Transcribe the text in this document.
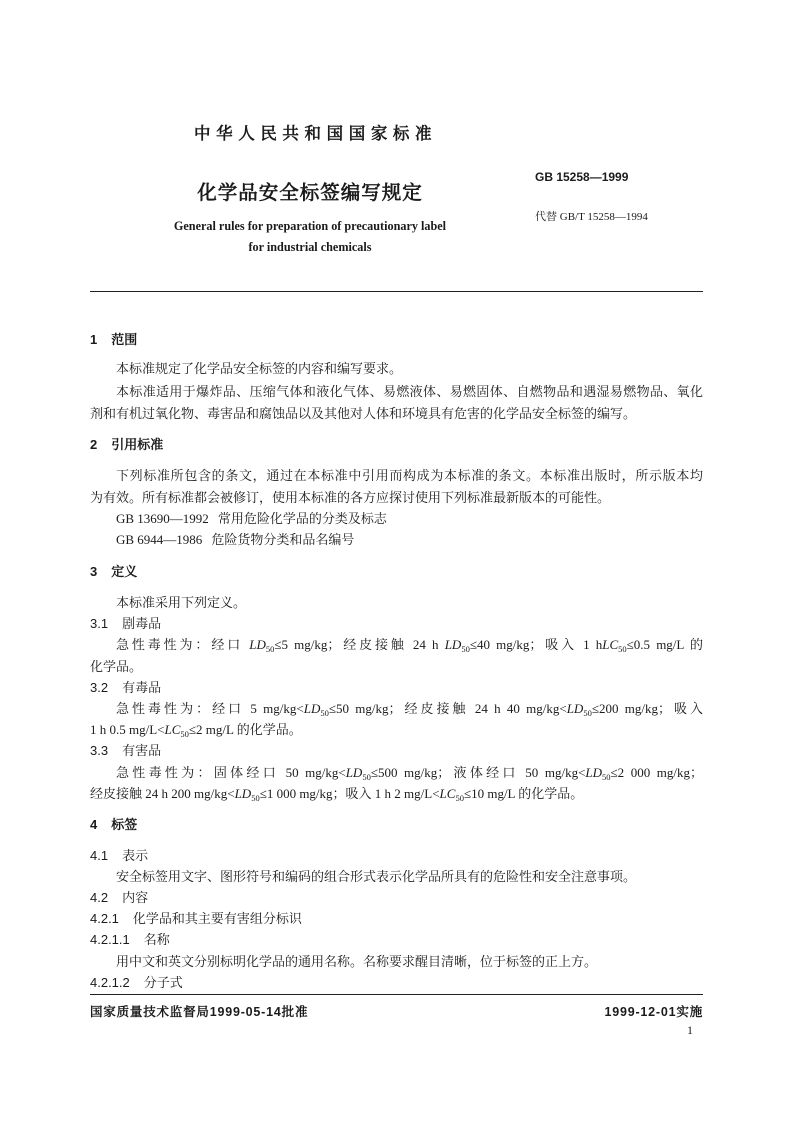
中华人民共和国国家标准
化学品安全标签编写规定
GB 15258—1999
代替 GB/T 15258—1994
General rules for preparation of precautionary label
for industrial chemicals
1 范围
本标准规定了化学品安全标签的内容和编写要求。
本标准适用于爆炸品、压缩气体和液化气体、易燃液体、易燃固体、自燃物品和遇湿易燃物品、氧化
剂和有机过氧化物、毒害品和腐蚀品以及其他对人体和环境具有危害的化学品安全标签的编写。
2 引用标准
下列标准所包含的条文，通过在本标准中引用而构成为本标准的条文。本标准出版时，所示版本均
为有效。所有标准都会被修订，使用本标准的各方应探讨使用下列标准最新版本的可能性。
GB 13690—1992 常用危险化学品的分类及标志
GB 6944—1986 危险货物分类和品名编号
3 定义
本标准采用下列定义。
3.1 剧毒品
急性毒性为：经口 $LD_{50}\le 5$ mg/kg；经皮接触 24 h $LD_{50}\le 40$ mg/kg；吸入 1 hLC$_{50}$≤0.5 mg/L 的
化学品。
3.2 有毒品
急性毒性为：经口 5 $mg/kg<LD_{50}\le 50$ mg/kg；经皮接触 24 h 40 $mg/kg<LD_{50}\le 200$ mg/kg；吸入
1 h 0.5 $mg/L<LC_{50}\le 2$ mg/L 的化学品。
3.3 有害品
急性毒性为：固体经口 50 $mg/kg<LD_{50}\le 500$ mg/kg；液体经口 50 $mg/kg<LD_{50}\le 2$ 000 mg/kg；
经皮接触 24 h 200 $mg/kg<LD_{50}\le 1$ 000 mg/kg；吸入 1 h 2 $mg/L<LC_{50}\le 10$ mg/L 的化学品。
4 标签
4.1 表示
安全标签用文字、图形符号和编码的组合形式表示化学品所具有的危险性和安全注意事项。
4.2 内容
4.2.1 化学品和其主要有害组分标识
4.2.1.1 名称
用中文和英文分别标明化学品的通用名称。名称要求醒目清晰，位于标签的正上方。
4.2.1.2 分子式
国家质量技术监督局1999-05-14批准	1999-12-01实施
1
